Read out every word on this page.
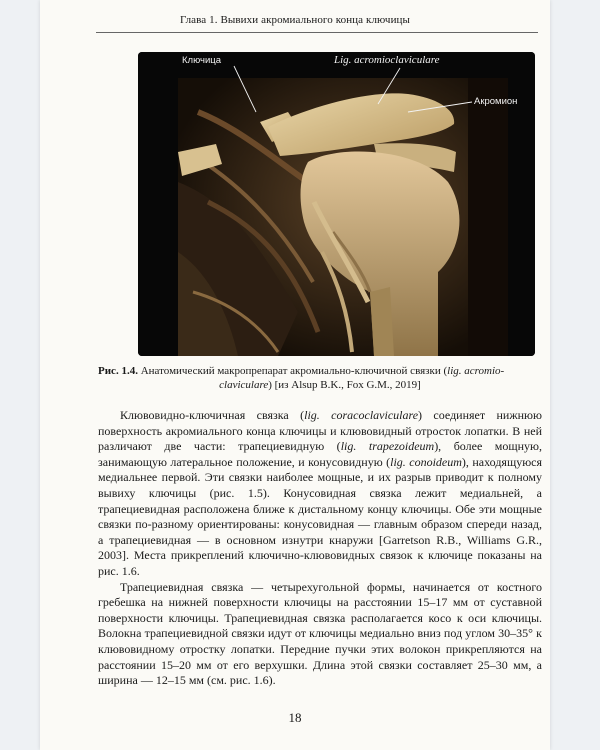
Глава 1. Вывихи акромиального конца ключицы
Ключица	Lig. acromioclaviculare
Акромион
Рис. 1.4. Анатомический макропрепарат акромиально-ключичной связки (lig. acromio-
claviculare) [из Alsup B.K., Fox G.M., 2019]

Клювовидно-ключичная связка (lig. coracoclaviculare) соединяет нижнюю поверхность акромиального конца ключицы и клювовидный отросток лопатки. В ней различают две части: трапециевидную (lig. trapezoideum), более мощную, занимающую латеральное положение, и конусовидную (lig. conoideum), находящуюся медиальнее первой. Эти связки наиболее мощные, и их разрыв приводит к полному вывиху ключицы (рис. 1.5). Конусовидная связка лежит медиальней, а трапециевидная расположена ближе к дистальному концу ключицы. Обе эти мощные связки по-разному ориентированы: конусовидная — главным образом спереди назад, а трапециевидная — в основном изнутри кнаружи [Garretson R.B., Williams G.R., 2003]. Места прикреплений ключично-клювовидных связок к ключице показаны на рис. 1.6.

Трапециевидная связка — четырехугольной формы, начинается от костного гребешка на нижней поверхности ключицы на расстоянии 15–17 мм от суставной поверхности ключицы. Трапециевидная связка располагается косо к оси ключицы. Волокна трапециевидной связки идут от ключицы медиально вниз под углом 30–35° к клювовидному отростку лопатки. Передние пучки этих волокон прикрепляются на расстоянии 15–20 мм от его верхушки. Длина этой связки составляет 25–30 мм, а ширина — 12–15 мм (см. рис. 1.6).

18
